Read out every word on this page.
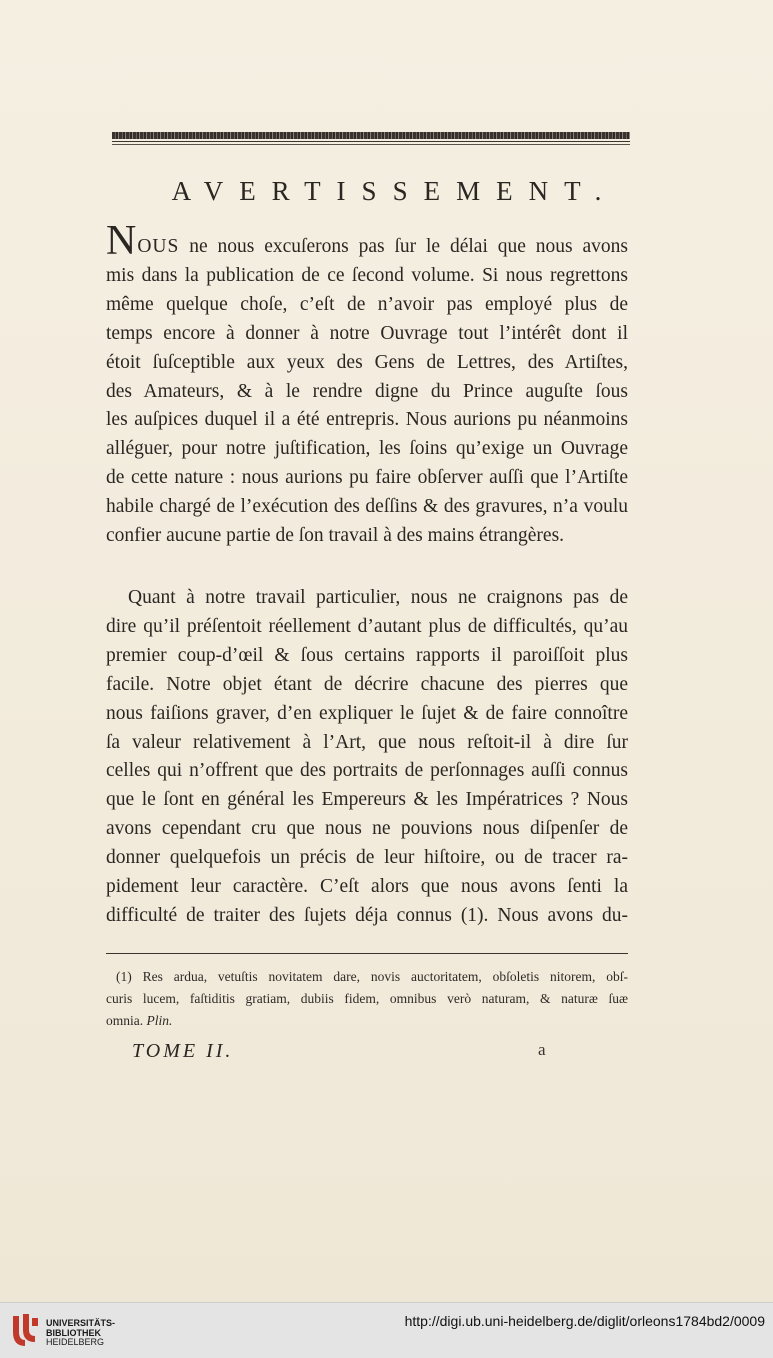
AVERTISSEMENT.
NOUS ne nous excuſerons pas ſur le délai que nous avons
mis dans la publication de ce ſecond volume. Si nous regrettons
même quelque choſe, c’eſt de n’avoir pas employé plus de
temps encore à donner à notre Ouvrage tout l’intérêt dont il
étoit ſuſceptible aux yeux des Gens de Lettres, des Artiſtes,
des Amateurs, & à le rendre digne du Prince auguſte ſous
les auſpices duquel il a été entrepris. Nous aurions pu néanmoins
alléguer, pour notre juſtification, les ſoins qu’exige un Ouvrage
de cette nature : nous aurions pu faire obſerver auſſi que l’Artiſte
habile chargé de l’exécution des deſſins & des gravures, n’a voulu
confier aucune partie de ſon travail à des mains étrangères.
Quant à notre travail particulier, nous ne craignons pas de
dire qu’il préſentoit réellement d’autant plus de difficultés, qu’au
premier coup-d’œil & ſous certains rapports il paroiſſoit plus
facile. Notre objet étant de décrire chacune des pierres que
nous faiſions graver, d’en expliquer le ſujet & de faire connoître
ſa valeur relativement à l’Art, que nous reſtoit-il à dire ſur
celles qui n’offrent que des portraits de perſonnages auſſi connus
que le ſont en général les Empereurs & les Impératrices ? Nous
avons cependant cru que nous ne pouvions nous diſpenſer de
donner quelquefois un précis de leur hiſtoire, ou de tracer ra-
pidement leur caractère. C’eſt alors que nous avons ſenti la
difficulté de traiter des ſujets déja connus (1). Nous avons du-
(1) Res ardua, vetuſtis novitatem dare, novis auctoritatem, obſoletis nitorem, obſ-
curis lucem, faſtiditis gratiam, dubiis fidem, omnibus verò naturam, & naturæ ſuæ
omnia. Plin.
TOME II.	a
UNIVERSITÄTS-
BIBLIOTHEK
HEIDELBERG
http://digi.ub.uni-heidelberg.de/diglit/orleons1784bd2/0009
